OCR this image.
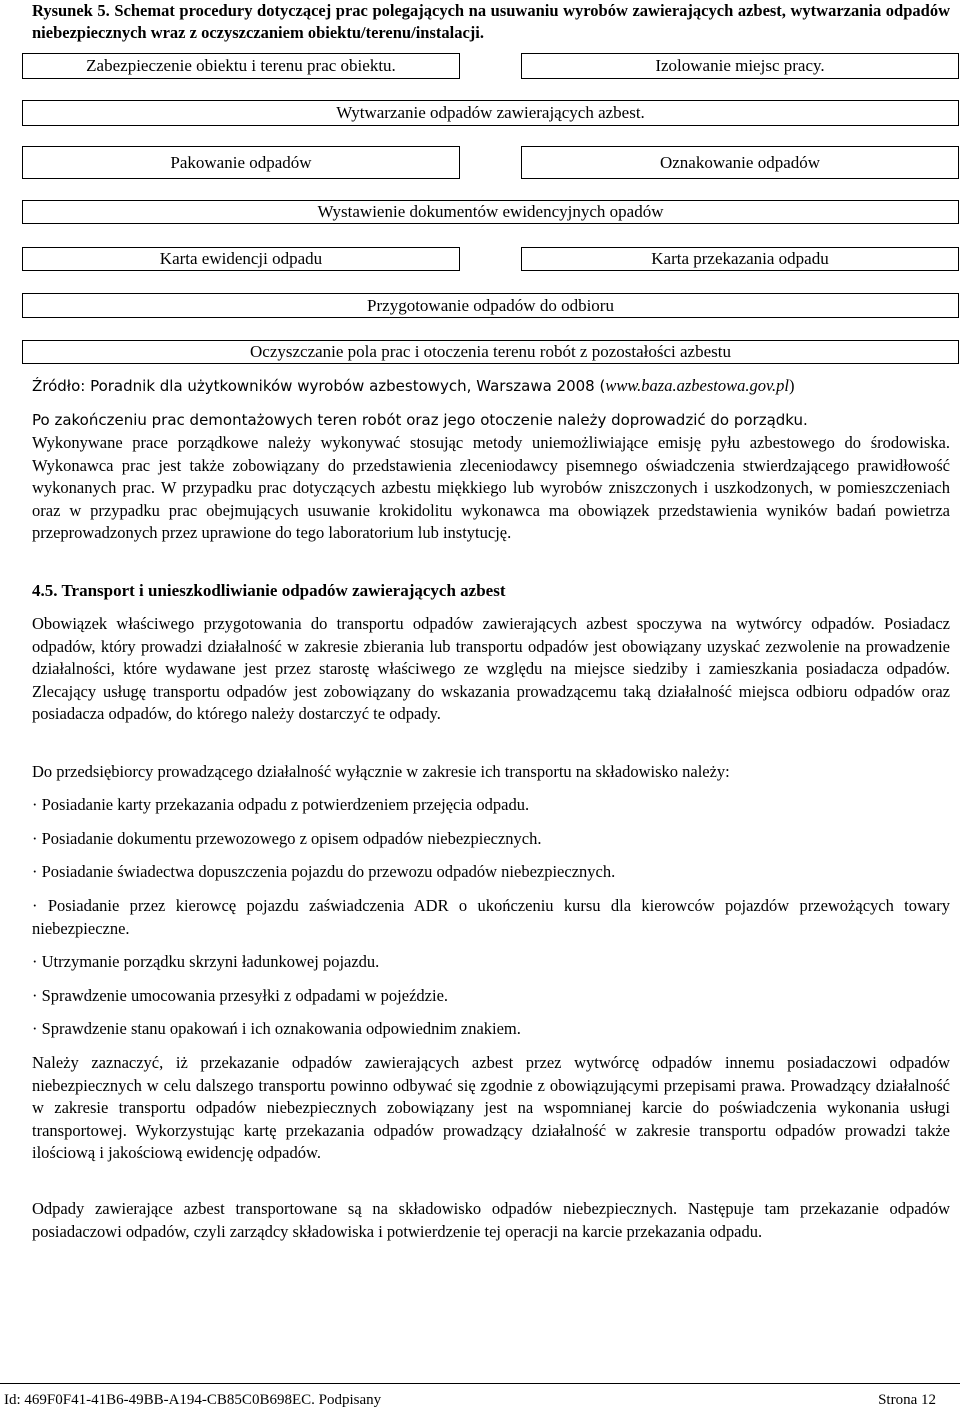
Rysunek 5. Schemat procedury dotyczącej prac polegających na usuwaniu wyrobów zawierających azbest, wytwarzania odpadów niebezpiecznych wraz z oczyszczaniem obiektu/terenu/instalacji.
Zabezpieczenie obiektu i terenu prac obiektu.	Izolowanie miejsc pracy.
Wytwarzanie odpadów zawierających azbest.
Pakowanie odpadów	Oznakowanie odpadów
Wystawienie dokumentów ewidencyjnych opadów
Karta ewidencji odpadu	Karta przekazania odpadu
Przygotowanie odpadów do odbioru
Oczyszczanie pola prac i otoczenia terenu robót z pozostałości azbestu
Źródło: Poradnik dla użytkowników wyrobów azbestowych, Warszawa 2008 (www.baza.azbestowa.gov.pl)

Po zakończeniu prac demontażowych teren robót oraz jego otoczenie należy doprowadzić do porządku.

Wykonywane prace porządkowe należy wykonywać stosując metody uniemożliwiające emisję pyłu azbestowego do środowiska. Wykonawca prac jest także zobowiązany do przedstawienia zleceniodawcy pisemnego oświadczenia stwierdzającego prawidłowość wykonanych prac. W przypadku prac dotyczących azbestu miękkiego lub wyrobów zniszczonych i uszkodzonych, w pomieszczeniach oraz w przypadku prac obejmujących usuwanie krokidolitu wykonawca ma obowiązek przedstawienia wyników badań powietrza przeprowadzonych przez uprawione do tego laboratorium lub instytucję.

4.5. Transport i unieszkodliwianie odpadów zawierających azbest

Obowiązek właściwego przygotowania do transportu odpadów zawierających azbest spoczywa na wytwórcy odpadów. Posiadacz odpadów, który prowadzi działalność w zakresie zbierania lub transportu odpadów jest obowiązany uzyskać zezwolenie na prowadzenie działalności, które wydawane jest przez starostę właściwego ze względu na miejsce siedziby i zamieszkania posiadacza odpadów. Zlecający usługę transportu odpadów jest zobowiązany do wskazania prowadzącemu taką działalność miejsca odbioru odpadów oraz posiadacza odpadów, do którego należy dostarczyć te odpady.

Do przedsiębiorcy prowadzącego działalność wyłącznie w zakresie ich transportu na składowisko należy:

· Posiadanie karty przekazania odpadu z potwierdzeniem przejęcia odpadu.

· Posiadanie dokumentu przewozowego z opisem odpadów niebezpiecznych.

· Posiadanie świadectwa dopuszczenia pojazdu do przewozu odpadów niebezpiecznych.

· Posiadanie przez kierowcę pojazdu zaświadczenia ADR o ukończeniu kursu dla kierowców pojazdów przewożących towary niebezpieczne.

· Utrzymanie porządku skrzyni ładunkowej pojazdu.

· Sprawdzenie umocowania przesyłki z odpadami w pojeździe.

· Sprawdzenie stanu opakowań i ich oznakowania odpowiednim znakiem.

Należy zaznaczyć, iż przekazanie odpadów zawierających azbest przez wytwórcę odpadów innemu posiadaczowi odpadów niebezpiecznych w celu dalszego transportu powinno odbywać się zgodnie z obowiązującymi przepisami prawa. Prowadzący działalność w zakresie transportu odpadów niebezpiecznych zobowiązany jest na wspomnianej karcie do poświadczenia wykonania usługi transportowej. Wykorzystując kartę przekazania odpadów prowadzący działalność w zakresie transportu odpadów prowadzi także ilościową i jakościową ewidencję odpadów.

Odpady zawierające azbest transportowane są na składowisko odpadów niebezpiecznych. Następuje tam przekazanie odpadów posiadaczowi odpadów, czyli zarządcy składowiska i potwierdzenie tej operacji na karcie przekazania odpadu.

Id: 469F0F41-41B6-49BB-A194-CB85C0B698EC. Podpisany	Strona 12
